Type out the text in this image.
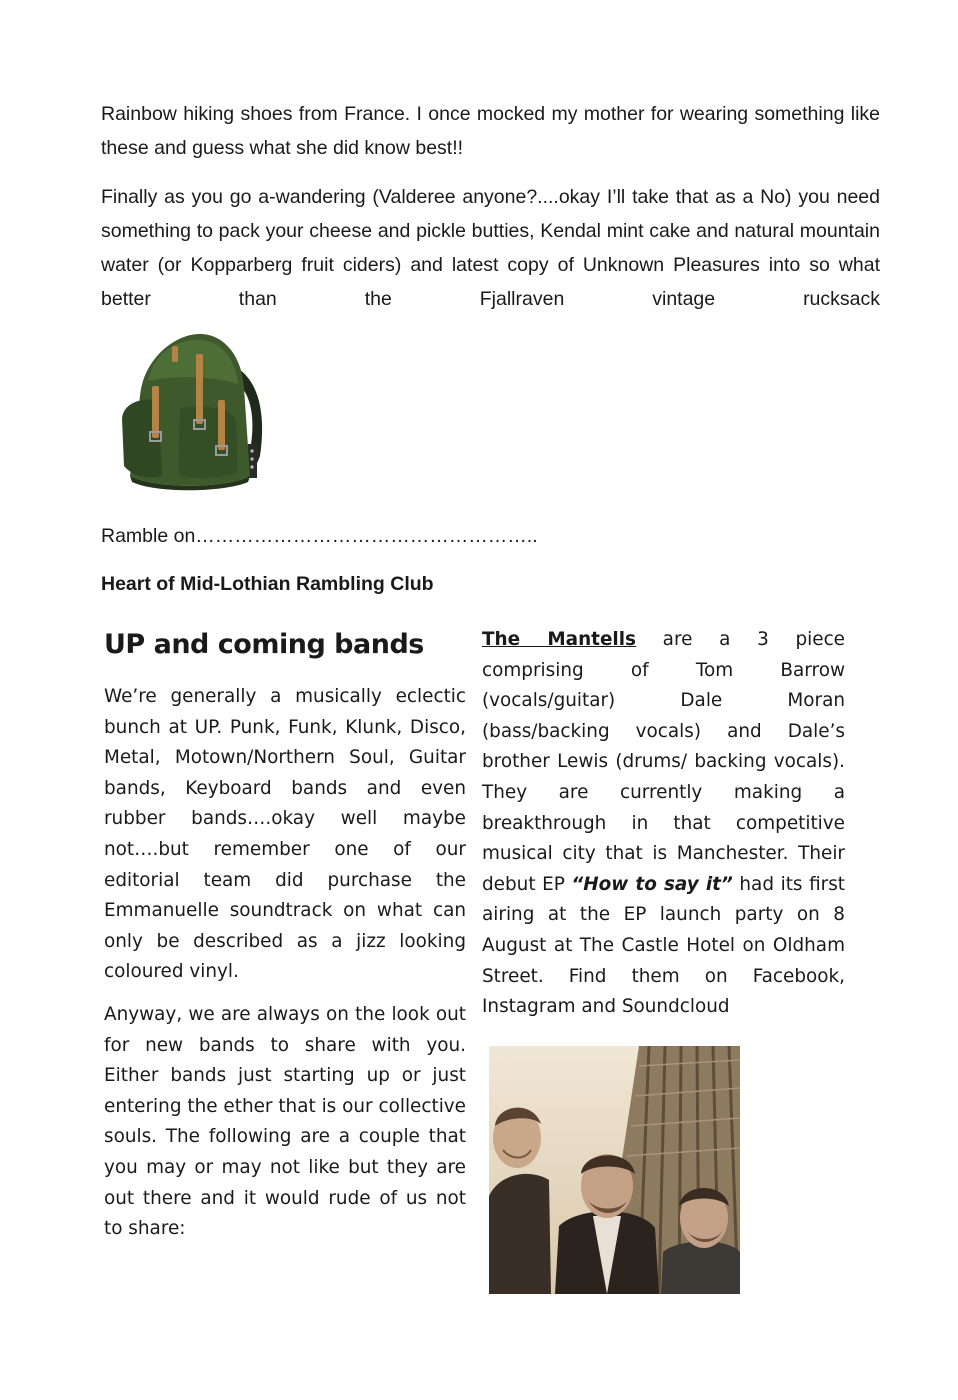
Rainbow hiking shoes from France. I once mocked my mother for wearing something like these and guess what she did know best!!

Finally as you go a-wandering (Valderee anyone?....okay I’ll take that as a No) you need something to pack your cheese and pickle butties, Kendal mint cake and natural mountain water (or Kopparberg fruit ciders) and latest copy of Unknown Pleasures into so what better than the Fjallraven vintage rucksack

Ramble on……………………………………………..

Heart of Mid-Lothian Rambling Club

UP and coming bands

We’re generally a musically eclectic bunch at UP. Punk, Funk, Klunk, Disco, Metal, Motown/Northern Soul, Guitar bands, Keyboard bands and even rubber bands….okay well maybe not….but remember one of our editorial team did purchase the Emmanuelle soundtrack on what can only be described as a jizz looking coloured vinyl.

Anyway, we are always on the look out for new bands to share with you. Either bands just starting up or just entering the ether that is our collective souls. The following are a couple that you may or may not like but they are out there and it would rude of us not to share:

The Mantells are a 3 piece comprising of Tom Barrow (vocals/guitar) Dale Moran (bass/backing vocals) and Dale’s brother Lewis (drums/ backing vocals). They are currently making a breakthrough in that competitive musical city that is Manchester. Their debut EP “How to say it” had its first airing at the EP launch party on 8 August at The Castle Hotel on Oldham Street. Find them on Facebook, Instagram and Soundcloud
